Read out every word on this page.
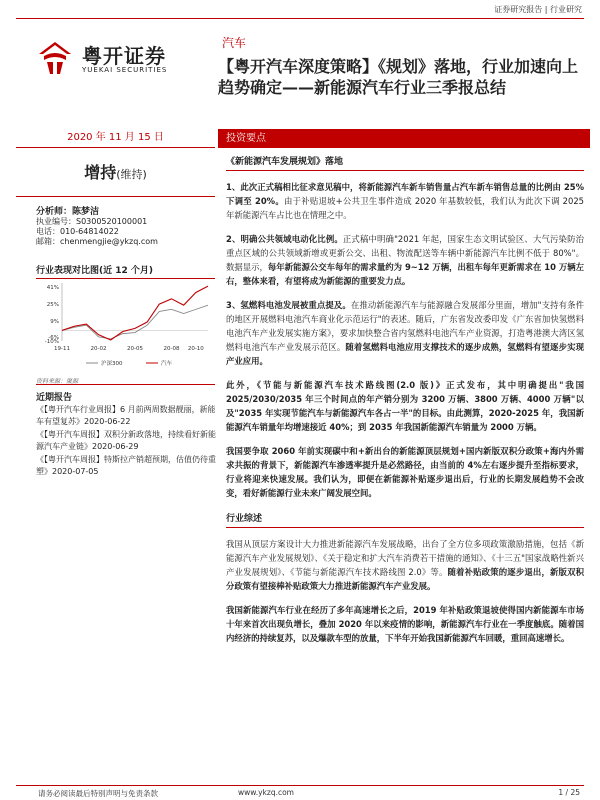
证券研究报告 | 行业研究
粤开证券
YUEKAI SECURITIES
汽车
【粤开汽车深度策略】《规划》落地，行业加速向上趋势确定——新能源汽车行业三季报总结
2020 年 11 月 15 日	投资要点
增持(维持)
分析师：陈梦洁
执业编号：S0300520100001
电话：010-64814022
邮箱：chenmengjie@ykzq.com
行业表现对比图(近 12 个月)
41%
25%
9%
-6%
-10%
19-11	20-02	20-05	20-08 20-10
沪深300	汽车
资料来源：聚源
近期报告
《【粤开汽车行业周报】6 月前两周数据靓丽，新能车有望复苏》2020-06-22
《【粤开汽车周报】双积分新政落地，持续看好新能源汽车产业链》2020-06-29
《【粤开汽车周报】特斯拉产销超预期，估值仍待重塑》2020-07-05
《新能源汽车发展规划》落地

1、此次正式稿相比征求意见稿中，将新能源汽车新车销售量占汽车新车销售总量的比例由 25%下调至 20%。由于补贴退坡+公共卫生事件造成 2020 年基数较低，我们认为此次下调 2025 年新能源汽车占比也在情理之中。

2、明确公共领域电动化比例。正式稿中明确"2021 年起，国家生态文明试验区、大气污染防治重点区域的公共领域新增或更新公交、出租、物流配送等车辆中新能源汽车比例不低于 80%"。数据显示，每年新能源公交车每年的需求量约为 9~12 万辆，出租车每年更新需求在 10 万辆左右，整体来看，有望将成为新能源的重要发力点。

3、氢燃料电池发展被重点提及。在推动新能源汽车与能源融合发展部分里面，增加"支持有条件的地区开展燃料电池汽车商业化示范运行"的表述。随后，广东省发改委印发《广东省加快氢燃料电池汽车产业发展实施方案》，要求加快整合省内氢燃料电池汽车产业资源，打造粤港澳大湾区氢燃料电池汽车产业发展示范区。随着氢燃料电池应用支撑技术的逐步成熟，氢燃料有望逐步实现产业应用。

此外，《节能与新能源汽车技术路线图(2.0 版)》正式发布，其中明确提出"我国 2025/2030/2035 年三个时间点的年产销分别为 3200 万辆、3800 万辆、4000 万辆"以及"2035 年实现节能汽车与新能源汽车各占一半"的目标。由此测算，2020-2025 年，我国新能源汽车销量年均增速接近 40%；到 2035 年我国新能源汽车销量为 2000 万辆。

我国要争取 2060 年前实现碳中和+新出台的新能源顶层规划+国内新版双积分政策+海内外需求共振的背景下，新能源汽车渗透率提升是必然路径，由当前的 4%左右逐步提升至指标要求，行业将迎来快速发展。我们认为，即便在新能源补贴逐步退出后，行业的长期发展趋势不会改变，看好新能源行业未来广阔发展空间。

行业综述

我国从顶层方案设计大力推进新能源汽车发展战略，出台了全方位多项政策激励措施，包括《新能源汽车产业发展规划》、《关于稳定和扩大汽车消费若干措施的通知》、《十三五"国家战略性新兴产业发展规划》、《节能与新能源汽车技术路线图 2.0》等。随着补贴政策的逐步退出，新版双积分政策有望接棒补贴政策大力推进新能源汽车产业发展。

我国新能源汽车行业在经历了多年高速增长之后，2019 年补贴政策退坡使得国内新能源车市场十年来首次出现负增长，叠加 2020 年以来疫情的影响，新能源汽车行业在一季度触底。随着国内经济的持续复苏，以及爆款车型的放量，下半年开始我国新能源汽车回暖，重回高速增长。

请务必阅读最后特别声明与免责条款	www.ykzq.com	1 / 25
